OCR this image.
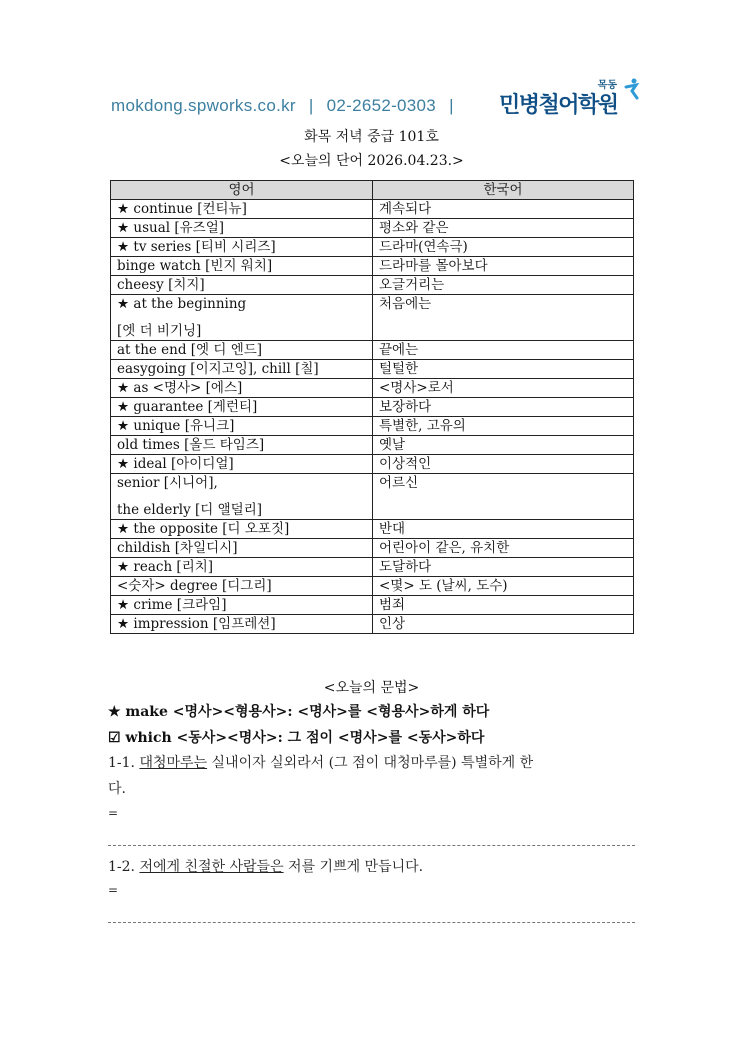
mokdong.spworks.co.kr | 02-2652-0303 |
목동
민병철어학원
화목 저녁 중급 101호
<오늘의 단어 2026.04.23.>
영어	한국어
★ continue [컨티뉴]	계속되다
★ usual [유즈얼]	평소와 같은
★ tv series [티비 시리즈]	드라마(연속극)
binge watch [빈지 워치]	드라마를 몰아보다
cheesy [치지]	오글거리는
★ at the beginning
[엣 더 비기닝]	처음에는
at the end [엣 디 엔드]	끝에는
easygoing [이지고잉], chill [칠]	털털한
★ as <명사> [에스]	<명사>로서
★ guarantee [게런티]	보장하다
★ unique [유니크]	특별한, 고유의
old times [올드 타임즈]	옛날
★ ideal [아이디얼]	이상적인
senior [시니어],
the elderly [디 앨덜리]	어르신
★ the opposite [디 오포짓]	반대
childish [차일디시]	어린아이 같은, 유치한
★ reach [리치]	도달하다
<숫자> degree [디그리]	<몇> 도 (날씨, 도수)
★ crime [크라임]	범죄
★ impression [임프레션]	인상
<오늘의 문법>
★ make <명사><형용사>: <명사>를 <형용사>하게 하다
☑ which <동사><명사>: 그 점이 <명사>를 <동사>하다
1-1. 대청마루는 실내이자 실외라서 (그 점이 대청마루를) 특별하게 한
다.
=
1-2. 저에게 친절한 사람들은 저를 기쁘게 만듭니다.
=
